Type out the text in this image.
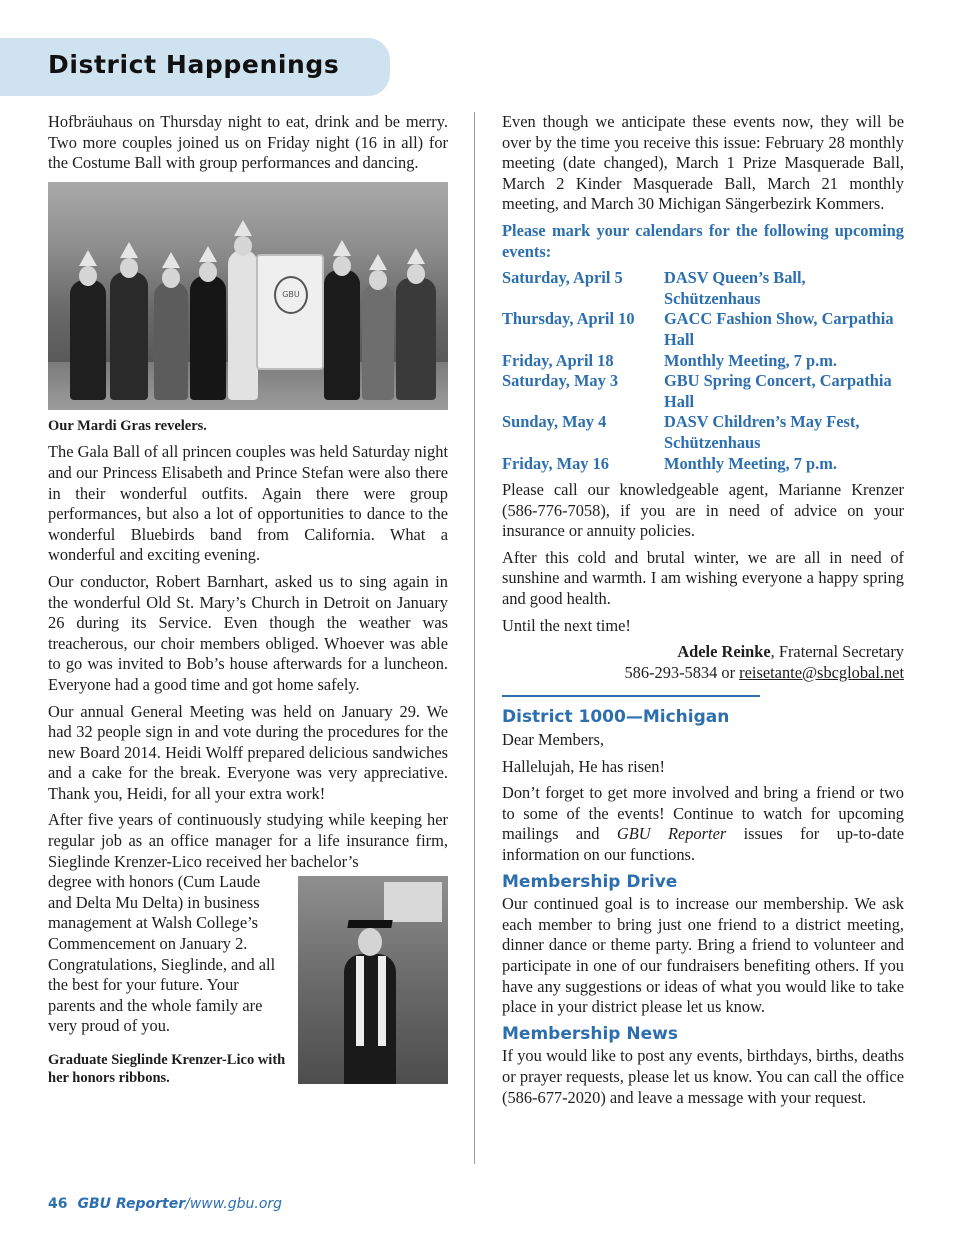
District Happenings

Hofbräuhaus on Thursday night to eat, drink and be merry. Two more couples joined us on Friday night (16 in all) for the Costume Ball with group performances and dancing.

GBU

Our Mardi Gras revelers.

The Gala Ball of all princen couples was held Saturday night and our Princess Elisabeth and Prince Stefan were also there in their wonderful outfits. Again there were group performances, but also a lot of opportunities to dance to the wonderful Bluebirds band from California. What a wonderful and exciting evening.

Our conductor, Robert Barnhart, asked us to sing again in the wonderful Old St. Mary’s Church in Detroit on January 26 during its Service. Even though the weather was treacherous, our choir members obliged. Whoever was able to go was invited to Bob’s house afterwards for a luncheon. Everyone had a good time and got home safely.

Our annual General Meeting was held on January 29. We had 32 people sign in and vote during the procedures for the new Board 2014. Heidi Wolff prepared delicious sandwiches and a cake for the break. Everyone was very appreciative. Thank you, Heidi, for all your extra work!

After five years of continuously studying while keeping her regular job as an office manager for a life insurance firm, Sieglinde Krenzer-Lico received her bachelor’s

degree with honors (Cum Laude and Delta Mu Delta) in business management at Walsh College’s Commencement on January 2. Congratulations, Sieglinde, and all the best for your future. Your parents and the whole family are very proud of you.

Graduate Sieglinde Krenzer-Lico with her honors ribbons.

Even though we anticipate these events now, they will be over by the time you receive this issue: February 28 monthly meeting (date changed), March 1 Prize Masquerade Ball, March 2 Kinder Masquerade Ball, March 21 monthly meeting, and March 30 Michigan Sängerbezirk Kommers.

Please mark your calendars for the following upcoming events:

Saturday, April 5	DASV Queen’s Ball, Schützenhaus
Thursday, April 10	GACC Fashion Show, Carpathia Hall
Friday, April 18	Monthly Meeting, 7 p.m.
Saturday, May 3	GBU Spring Concert, Carpathia Hall
Sunday, May 4	DASV Children’s May Fest, Schützenhaus
Friday, May 16	Monthly Meeting, 7 p.m.

Please call our knowledgeable agent, Marianne Krenzer (586-776-7058), if you are in need of advice on your insurance or annuity policies.

After this cold and brutal winter, we are all in need of sunshine and warmth. I am wishing everyone a happy spring and good health.

Until the next time!

Adele Reinke, Fraternal Secretary
586-293-5834 or reisetante@sbcglobal.net

District 1000—Michigan

Dear Members,

Hallelujah, He has risen!

Don’t forget to get more involved and bring a friend or two to some of the events! Continue to watch for upcoming mailings and GBU Reporter issues for up-to-date information on our functions.

Membership Drive

Our continued goal is to increase our membership. We ask each member to bring just one friend to a district meeting, dinner dance or theme party. Bring a friend to volunteer and participate in one of our fundraisers benefiting others. If you have any suggestions or ideas of what you would like to take place in your district please let us know.

Membership News

If you would like to post any events, birthdays, births, deaths or prayer requests, please let us know. You can call the office (586-677-2020) and leave a message with your request.

46 GBU Reporter/www.gbu.org
